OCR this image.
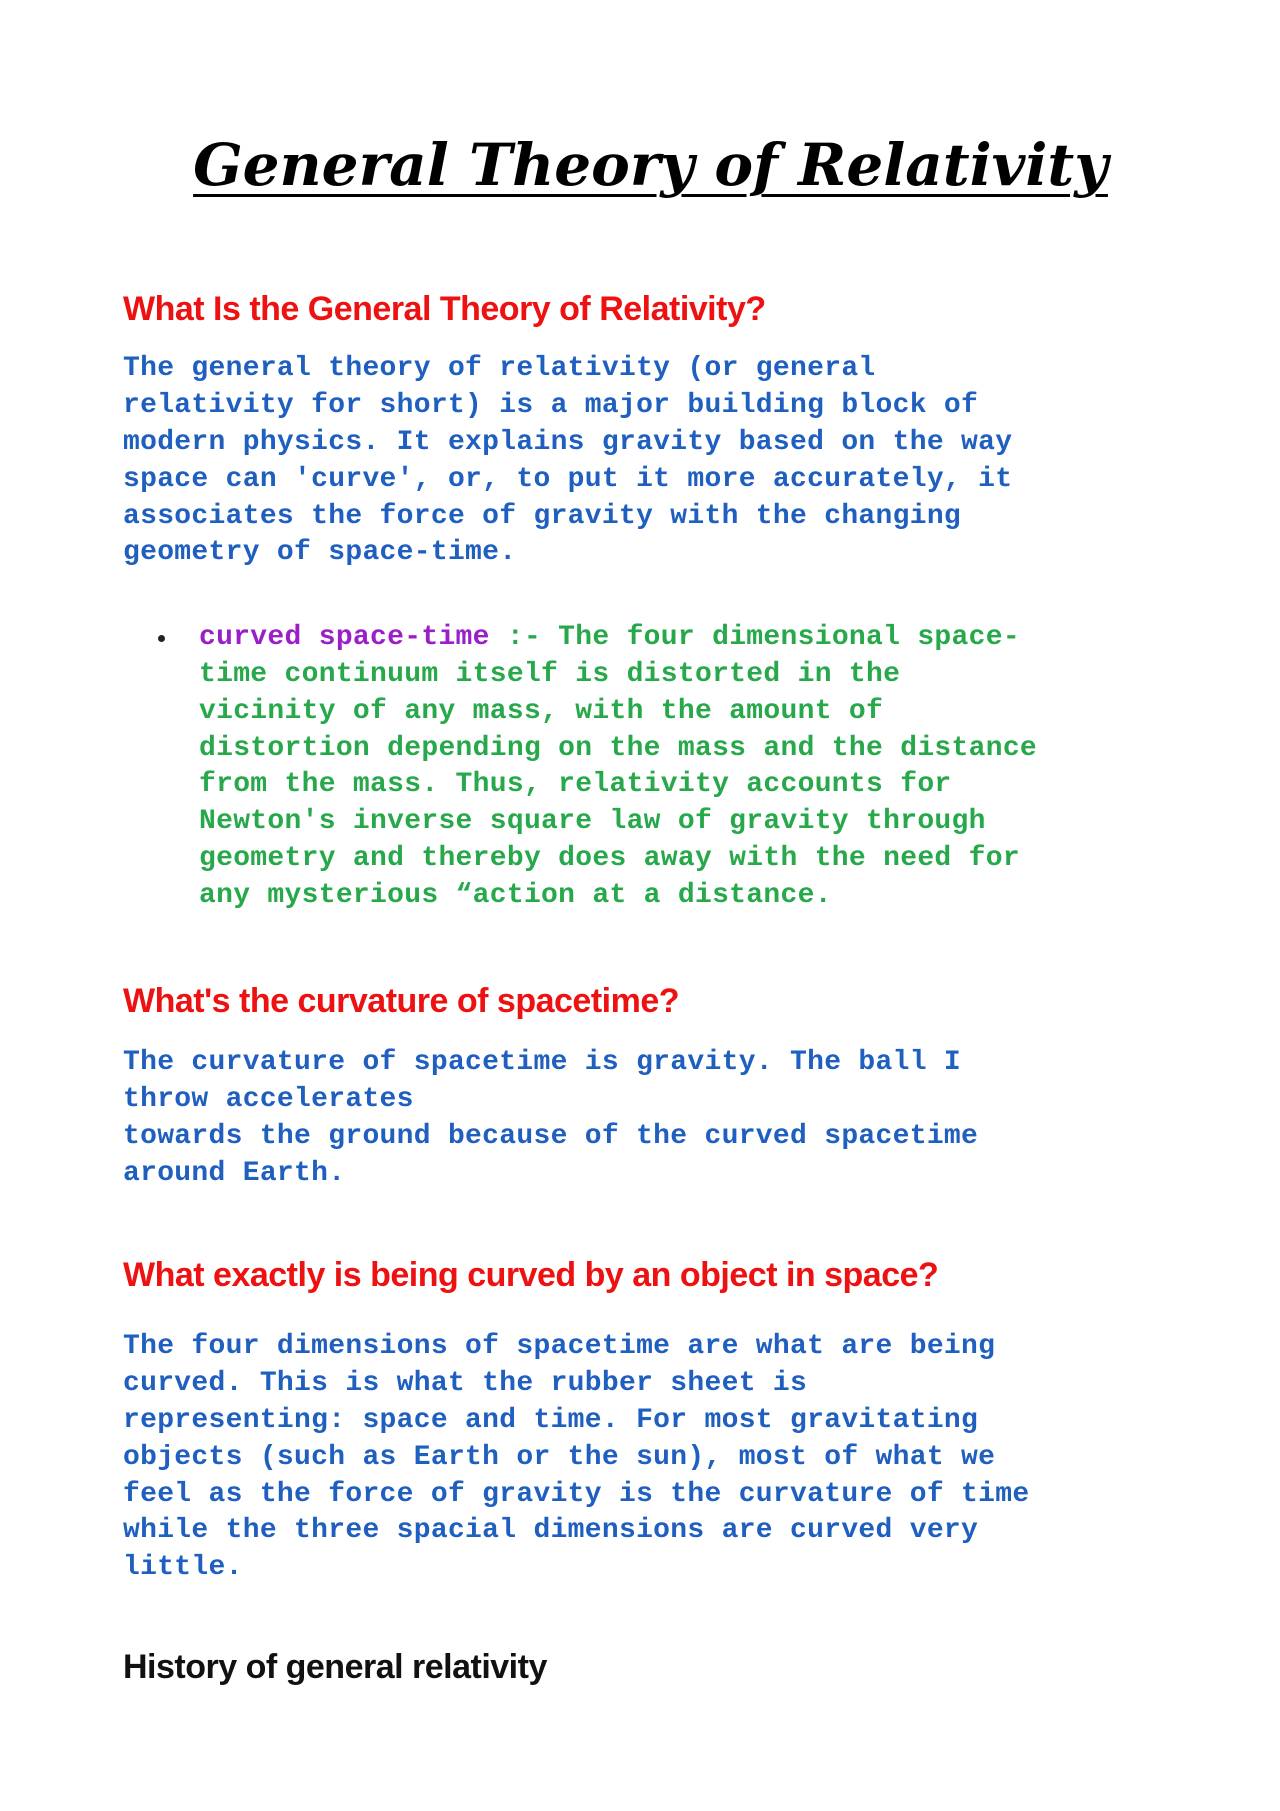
General Theory of Relativity
What Is the General Theory of Relativity?

The general theory of relativity (or general
relativity for short) is a major building block of
modern physics. It explains gravity based on the way
space can 'curve', or, to put it more accurately, it
associates the force of gravity with the changing
geometry of space-time.

curved space-time :- The four dimensional space-
time continuum itself is distorted in the
vicinity of any mass, with the amount of
distortion depending on the mass and the distance
from the mass. Thus, relativity accounts for
Newton's inverse square law of gravity through
geometry and thereby does away with the need for
any mysterious “action at a distance.
What's the curvature of spacetime?

The curvature of spacetime is gravity. The ball I
throw accelerates
towards the ground because of the curved spacetime
around Earth.

What exactly is being curved by an object in space?

The four dimensions of spacetime are what are being
curved. This is what the rubber sheet is
representing: space and time. For most gravitating
objects (such as Earth or the sun), most of what we
feel as the force of gravity is the curvature of time
while the three spacial dimensions are curved very
little.

History of general relativity
